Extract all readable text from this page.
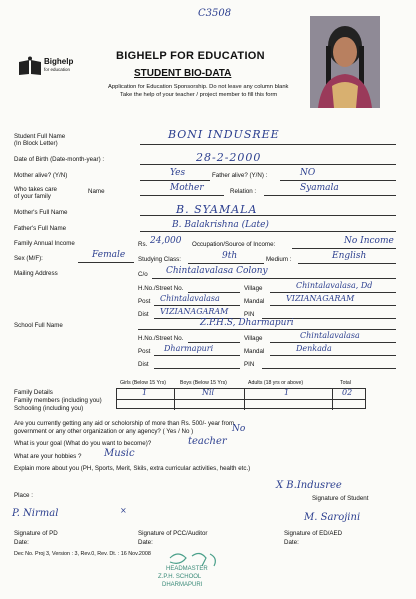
C3508
Bighelp
for education
BIGHELP FOR EDUCATION
STUDENT BIO-DATA
Application for Education Sponsorship. Do not leave any column blank
Take the help of your teacher / project member to fill this form
Student Full Name
(In Block Letter)
BONI INDUSREE
Date of Birth (Date-month-year) :	28-2-2000
Mother alive? (Y/N)	Yes	Father alive? (Y/N) :	NO
Who takes care
of your family
Name	Mother	Relation :	Syamala
Mother's Full Name	B. SYAMALA
Father's Full Name	B. Balakrishna (Late)
Family Annual Income	Rs. 24,000 Occupation/Source of Income:	No Income
Sex (M/F):	Female Studying Class:	9th	Medium :	English
Mailing Address	C/o Chintalavalasa Colony
H.No./Street No.	Village	Chintalavalasa, Dd
Post Chintalavalasa	Mandal	VIZIANAGARAM
Dist VIZIANAGARAM	PIN
School Full Name	Z.P.H.S, Dharmapuri
H.No./Street No.	Village	Chintalavalasa
Post Dharmapuri	Mandal	Denkada
Dist	PIN
Family Details
Family members (including you)
Schooling (including you)
Girls (Below 15 Yrs)	Boys (Below 15 Yrs)	Adults (18 yrs or above)	Total
1	Nil	1	02
Are you currently getting any aid or scholorship of more than Rs. 500/- year from
government or any other organization or any agency? ( Yes / No )	No
What is your goal (What do you want to become)?	teacher
What are your hobbies ? Music
Explain more about you (PH, Sports, Merit, Skils, extra curricular activities, health etc.)
Place :
X B.Indusree
Signature of Student
P. Nirmal	×
M. Sarojini
Signature of PD	Signature of PCC/Auditor	Signature of ED/AED
Date:	Date:	Date:
Dec No. Proj 3, Version : 3, Rev.0, Rev. Dt. : 16 Nov.2008
HEADMASTER
Z.P.H. SCHOOL
DHARMAPURI
